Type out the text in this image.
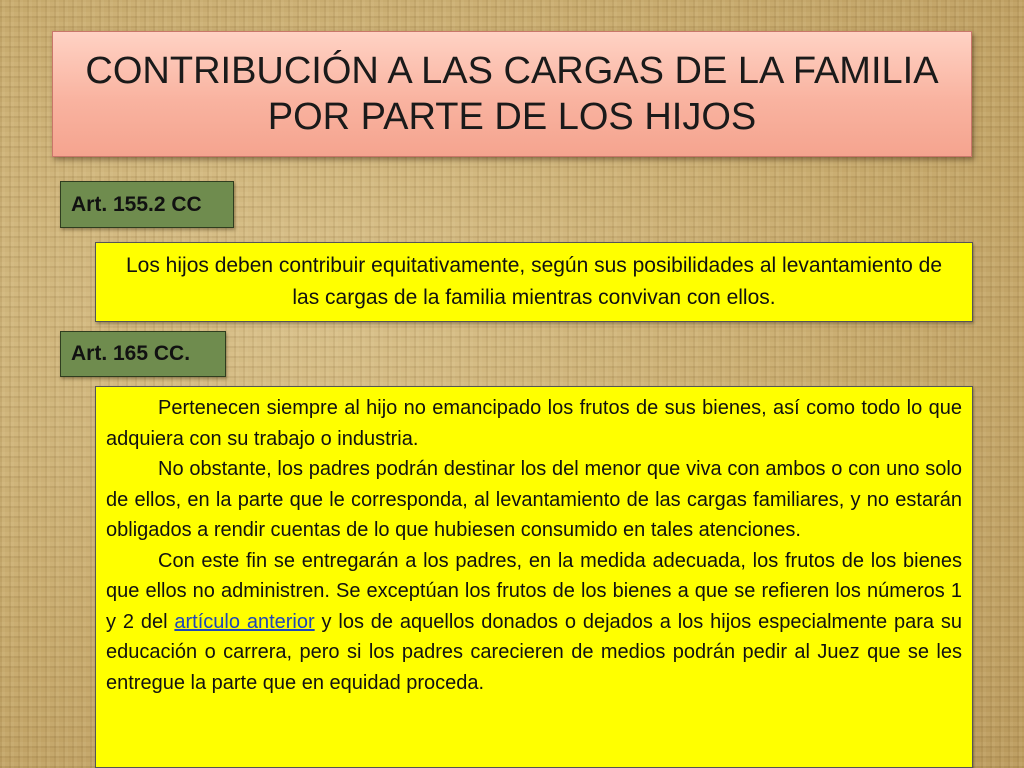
CONTRIBUCIÓN A LAS CARGAS DE LA FAMILIA POR PARTE DE LOS HIJOS
Art. 155.2 CC
Los hijos deben contribuir equitativamente, según sus posibilidades al levantamiento de las cargas de la familia mientras convivan con ellos.
Art. 165 CC.

Pertenecen siempre al hijo no emancipado los frutos de sus bienes, así como todo lo que adquiera con su trabajo o industria.

No obstante, los padres podrán destinar los del menor que viva con ambos o con uno solo de ellos, en la parte que le corresponda, al levantamiento de las cargas familiares, y no estarán obligados a rendir cuentas de lo que hubiesen consumido en tales atenciones.

Con este fin se entregarán a los padres, en la medida adecuada, los frutos de los bienes que ellos no administren. Se exceptúan los frutos de los bienes a que se refieren los números 1 y 2 del artículo anterior y los de aquellos donados o dejados a los hijos especialmente para su educación o carrera, pero si los padres carecieren de medios podrán pedir al Juez que se les entregue la parte que en equidad proceda.
